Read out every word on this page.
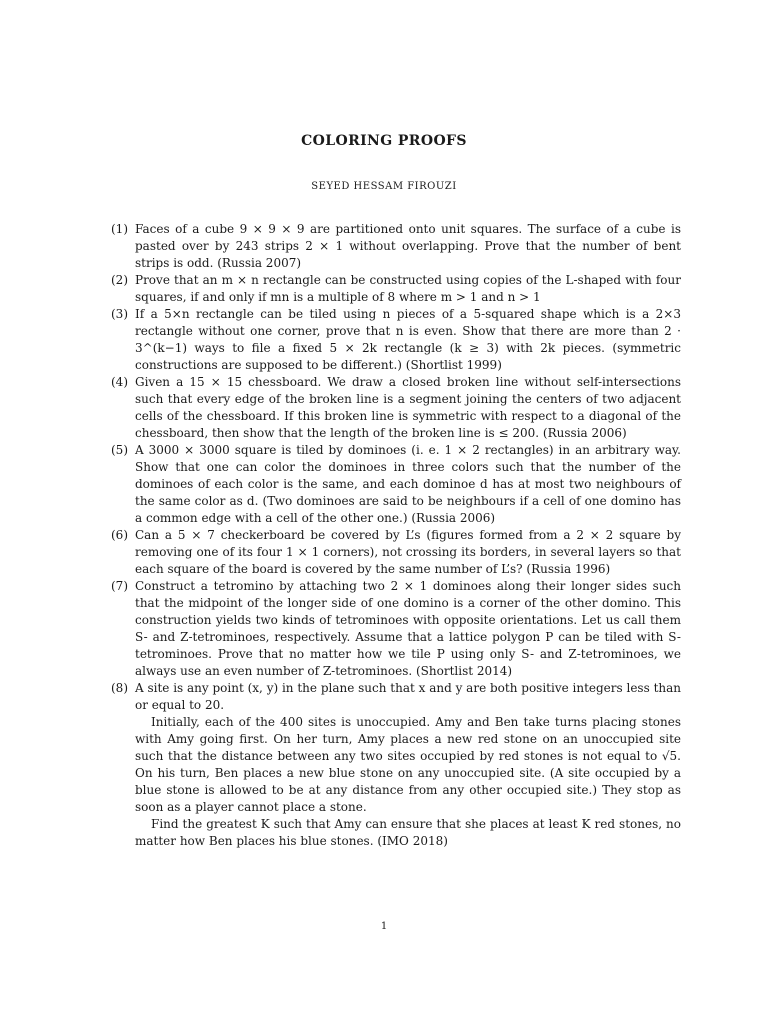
COLORING PROOFS
SEYED HESSAM FIROUZI
(1) Faces of a cube 9 × 9 × 9 are partitioned onto unit squares. The surface of a cube is pasted over by 243 strips 2 × 1 without overlapping. Prove that the number of bent strips is odd. (Russia 2007)

(2) Prove that an m × n rectangle can be constructed using copies of the L-shaped with four squares, if and only if mn is a multiple of 8 where m > 1 and n > 1

(3) If a 5×n rectangle can be tiled using n pieces of a 5-squared shape which is a 2×3 rectangle without one corner, prove that n is even. Show that there are more than 2 · 3^(k−1) ways to file a fixed 5 × 2k rectangle (k ≥ 3) with 2k pieces. (symmetric constructions are supposed to be different.) (Shortlist 1999)

(4) Given a 15 × 15 chessboard. We draw a closed broken line without self-intersections such that every edge of the broken line is a segment joining the centers of two adjacent cells of the chessboard. If this broken line is symmetric with respect to a diagonal of the chessboard, then show that the length of the broken line is ≤ 200. (Russia 2006)

(5) A 3000 × 3000 square is tiled by dominoes (i. e. 1 × 2 rectangles) in an arbitrary way. Show that one can color the dominoes in three colors such that the number of the dominoes of each color is the same, and each dominoe d has at most two neighbours of the same color as d. (Two dominoes are said to be neighbours if a cell of one domino has a common edge with a cell of the other one.) (Russia 2006)

(6) Can a 5 × 7 checkerboard be covered by L’s (figures formed from a 2 × 2 square by removing one of its four 1 × 1 corners), not crossing its borders, in several layers so that each square of the board is covered by the same number of L’s? (Russia 1996)

(7) Construct a tetromino by attaching two 2 × 1 dominoes along their longer sides such that the midpoint of the longer side of one domino is a corner of the other domino. This construction yields two kinds of tetrominoes with opposite orientations. Let us call them S- and Z-tetrominoes, respectively. Assume that a lattice polygon P can be tiled with S-tetrominoes. Prove that no matter how we tile P using only S- and Z-tetrominoes, we always use an even number of Z-tetrominoes. (Shortlist 2014)

(8) A site is any point (x, y) in the plane such that x and y are both positive integers less than or equal to 20.

Initially, each of the 400 sites is unoccupied. Amy and Ben take turns placing stones with Amy going first. On her turn, Amy places a new red stone on an unoccupied site such that the distance between any two sites occupied by red stones is not equal to √5. On his turn, Ben places a new blue stone on any unoccupied site. (A site occupied by a blue stone is allowed to be at any distance from any other occupied site.) They stop as soon as a player cannot place a stone.

Find the greatest K such that Amy can ensure that she places at least K red stones, no matter how Ben places his blue stones. (IMO 2018)

1
